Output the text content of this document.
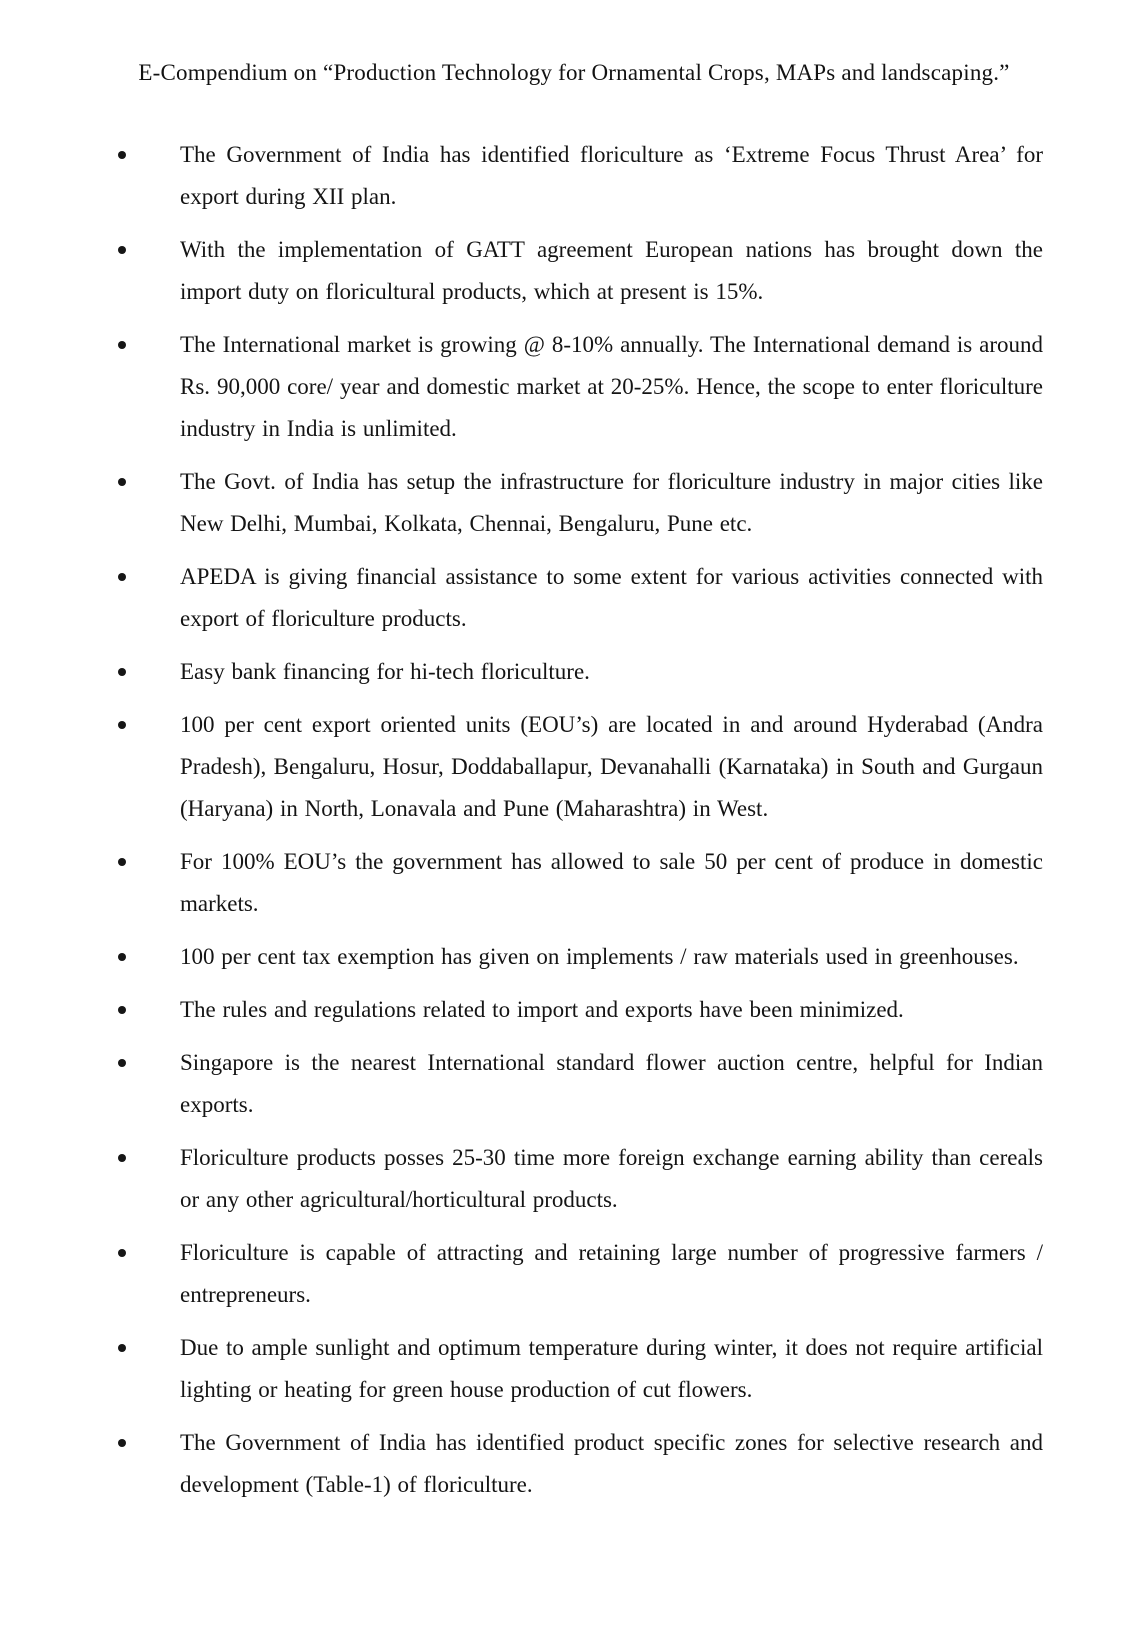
E-Compendium on “Production Technology for Ornamental Crops, MAPs and landscaping.”
The Government of India has identified floriculture as ‘Extreme Focus Thrust Area’ for export during XII plan.
With the implementation of GATT agreement European nations has brought down the import duty on floricultural products, which at present is 15%.
The International market is growing @ 8-10% annually. The International demand is around Rs. 90,000 core/ year and domestic market at 20-25%. Hence, the scope to enter floriculture industry in India is unlimited.
The Govt. of India has setup the infrastructure for floriculture industry in major cities like New Delhi, Mumbai, Kolkata, Chennai, Bengaluru, Pune etc.
APEDA is giving financial assistance to some extent for various activities connected with export of floriculture products.
Easy bank financing for hi-tech floriculture.
100 per cent export oriented units (EOU’s) are located in and around Hyderabad (Andra Pradesh), Bengaluru, Hosur, Doddaballapur, Devanahalli (Karnataka) in South and Gurgaun (Haryana) in North, Lonavala and Pune (Maharashtra) in West.
For 100% EOU’s the government has allowed to sale 50 per cent of produce in domestic markets.
100 per cent tax exemption has given on implements / raw materials used in greenhouses.
The rules and regulations related to import and exports have been minimized.
Singapore is the nearest International standard flower auction centre, helpful for Indian exports.
Floriculture products posses 25-30 time more foreign exchange earning ability than cereals or any other agricultural/horticultural products.
Floriculture is capable of attracting and retaining large number of progressive farmers / entrepreneurs.
Due to ample sunlight and optimum temperature during winter, it does not require artificial lighting or heating for green house production of cut flowers.
The Government of India has identified product specific zones for selective research and development (Table-1) of floriculture.
